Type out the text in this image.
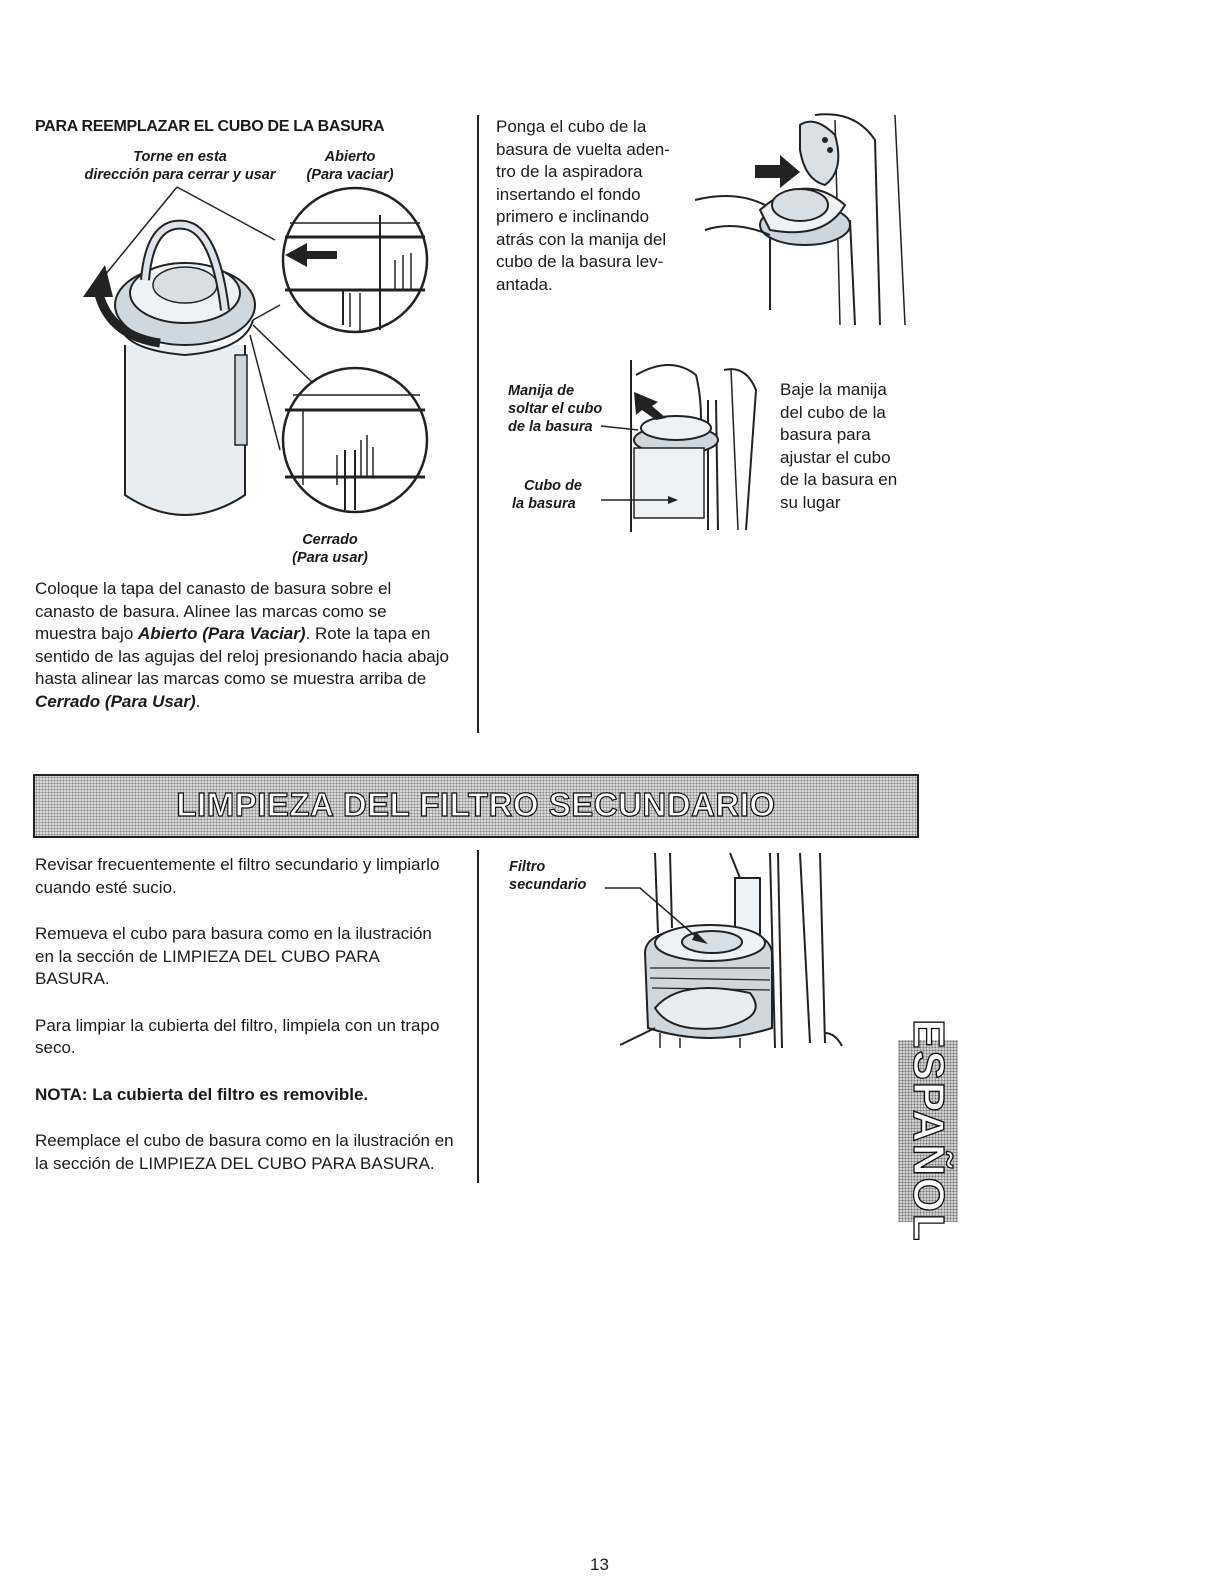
PARA REEMPLAZAR EL CUBO DE LA BASURA
Torne en esta
dirección para cerrar y usar
Abierto
(Para vaciar)
Cerrado
(Para usar)
Coloque la tapa del canasto de basura sobre el canasto de basura. Alinee las marcas como se muestra bajo Abierto (Para Vaciar). Rote la tapa en sentido de las agujas del reloj presionando hacia abajo hasta alinear las marcas como se muestra arriba de Cerrado (Para Usar).
Ponga el cubo de la
basura de vuelta aden-
tro de la aspiradora
insertando el fondo
primero e inclinando
atrás con la manija del
cubo de la basura lev-
antada.
Manija de
soltar el cubo
de la basura
Cubo de
la basura
Baje la manija
del cubo de la
basura para
ajustar el cubo
de la basura en
su lugar
LIMPIEZA DEL FILTRO SECUNDARIO

Revisar frecuentemente el filtro secundario y limpiarlo cuando esté sucio.

Remueva el cubo para basura como en la ilustración en la sección de LIMPIEZA DEL CUBO PARA BASURA.

Para limpiar la cubierta del filtro, limpiela con un trapo seco.

NOTA: La cubierta del filtro es removible.

Reemplace el cubo de basura como en la ilustración en la sección de LIMPIEZA DEL CUBO PARA BASURA.

Filtro
secundario
ESPAÑOL
13
